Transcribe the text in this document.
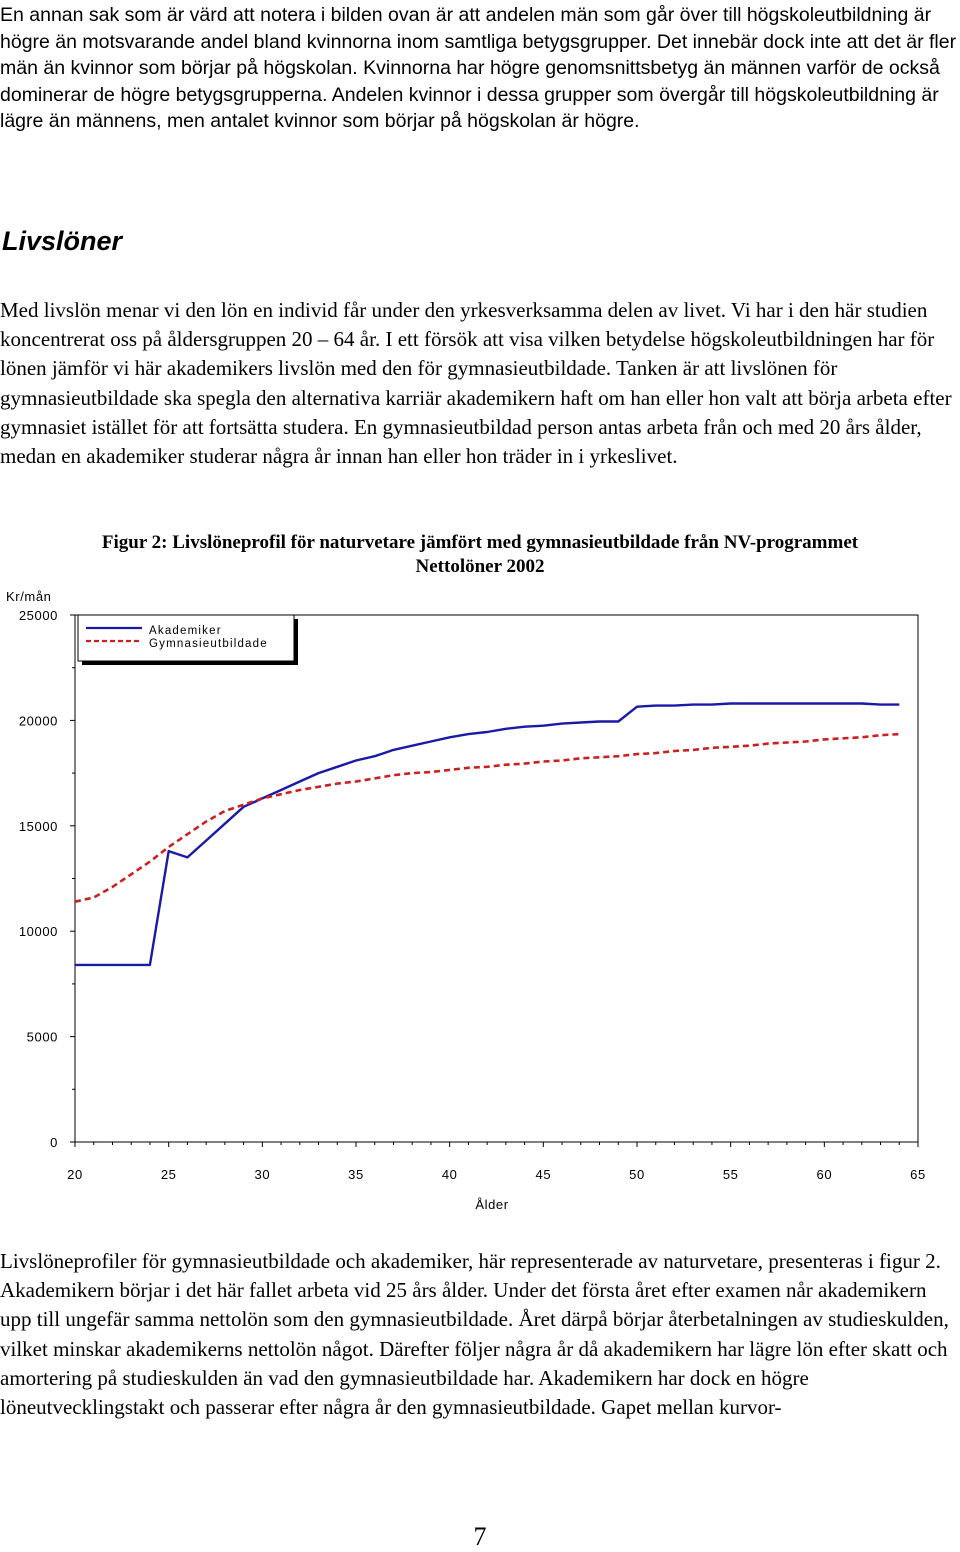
En annan sak som är värd att notera i bilden ovan är att andelen män som går över till högskoleutbildning är högre än motsvarande andel bland kvinnorna inom samtliga betygsgrupper. Det innebär dock inte att det är fler män än kvinnor som börjar på högskolan. Kvinnorna har högre genomsnittsbetyg än männen varför de också dominerar de högre betygsgrupperna. Andelen kvinnor i dessa grupper som övergår till högskoleutbildning är lägre än männens, men antalet kvinnor som börjar på högskolan är högre.

Livslöner

Med livslön menar vi den lön en individ får under den yrkesverksamma delen av livet. Vi har i den här studien koncentrerat oss på åldersgruppen 20 – 64 år. I ett försök att visa vilken betydelse högskoleutbildningen har för lönen jämför vi här akademikers livslön med den för gymnasieutbildade. Tanken är att livslönen för gymnasieutbildade ska spegla den alternativa karriär akademikern haft om han eller hon valt att börja arbeta efter gymnasiet istället för att fortsätta studera. En gymnasieutbildad person antas arbeta från och med 20 års ålder, medan en akademiker studerar några år innan han eller hon träder in i yrkeslivet.

Figur 2: Livslöneprofil för naturvetare jämfört med gymnasieutbildade från NV-programmet
Nettolöner 2002
0
5000
10000
15000
20000
25000
20	25	30	35	40	45	50	55	60	65
Kr/mån
Ålder
Akademiker
Gymnasieutbildade

Livslöneprofiler för gymnasieutbildade och akademiker, här representerade av naturvetare, presenteras i figur 2. Akademikern börjar i det här fallet arbeta vid 25 års ålder. Under det första året efter examen når akademikern upp till ungefär samma nettolön som den gymnasieutbildade. Året därpå börjar återbetalningen av studieskulden, vilket minskar akademikerns nettolön något. Därefter följer några år då akademikern har lägre lön efter skatt och amortering på studieskulden än vad den gymnasieutbildade har. Akademikern har dock en högre löneutvecklingstakt och passerar efter några år den gymnasieutbildade. Gapet mellan kurvor-

7
